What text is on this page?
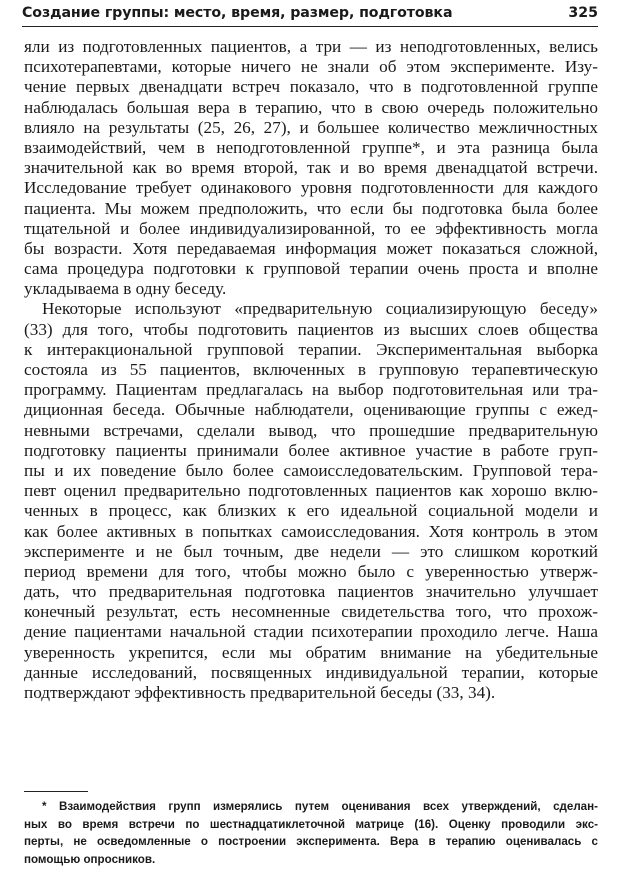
Создание группы: место, время, размер, подготовка	325
яли из подготовленных пациентов, а три — из неподготовленных, велись
психотерапевтами, которые ничего не знали об этом эксперименте. Изу-
чение первых двенадцати встреч показало, что в подготовленной группе
наблюдалась большая вера в терапию, что в свою очередь положительно
влияло на результаты (25, 26, 27), и большее количество межличностных
взаимодействий, чем в неподготовленной группе*, и эта разница была
значительной как во время второй, так и во время двенадцатой встречи.
Исследование требует одинакового уровня подготовленности для каждого
пациента. Мы можем предположить, что если бы подготовка была более
тщательной и более индивидуализированной, то ее эффективность могла
бы возрасти. Хотя передаваемая информация может показаться сложной,
сама процедура подготовки к групповой терапии очень проста и вполне
укладываема в одну беседу.
Некоторые используют «предварительную социализирующую беседу»
(33) для того, чтобы подготовить пациентов из высших слоев общества
к интеракциональной групповой терапии. Экспериментальная выборка
состояла из 55 пациентов, включенных в групповую терапевтическую
программу. Пациентам предлагалась на выбор подготовительная или тра-
диционная беседа. Обычные наблюдатели, оценивающие группы с ежед-
невными встречами, сделали вывод, что прошедшие предварительную
подготовку пациенты принимали более активное участие в работе груп-
пы и их поведение было более самоисследовательским. Групповой тера-
певт оценил предварительно подготовленных пациентов как хорошо вклю-
ченных в процесс, как близких к его идеальной социальной модели и
как более активных в попытках самоисследования. Хотя контроль в этом
эксперименте и не был точным, две недели — это слишком короткий
период времени для того, чтобы можно было с уверенностью утверж-
дать, что предварительная подготовка пациентов значительно улучшает
конечный результат, есть несомненные свидетельства того, что прохож-
дение пациентами начальной стадии психотерапии проходило легче. Наша
уверенность укрепится, если мы обратим внимание на убедительные
данные исследований, посвященных индивидуальной терапии, которые
подтверждают эффективность предварительной беседы (33, 34).
* Взаимодействия групп измерялись путем оценивания всех утверждений, сделан-
ных во время встречи по шестнадцатиклеточной матрице (16). Оценку проводили экс-
перты, не осведомленные о построении эксперимента. Вера в терапию оценивалась с
помощью опросников.
